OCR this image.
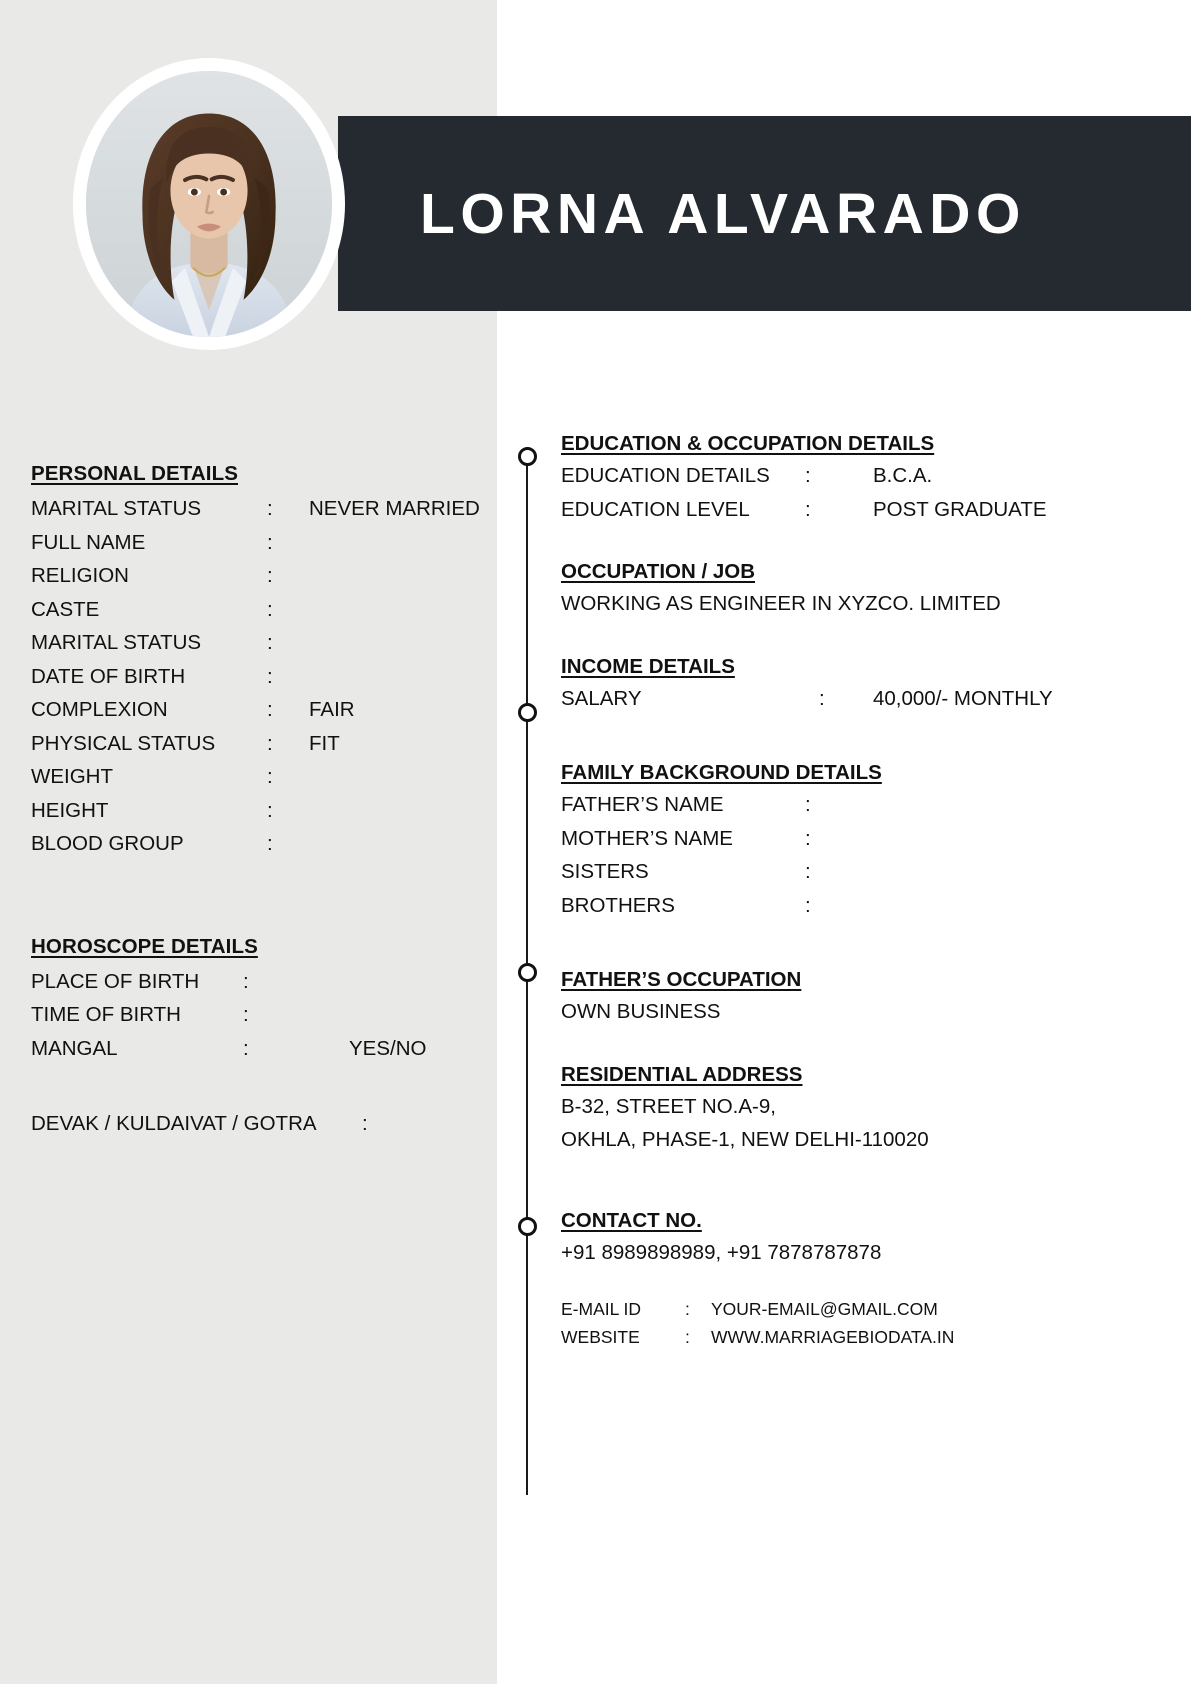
LORNA ALVARADO
PERSONAL DETAILS
MARITAL STATUS	:	NEVER MARRIED
FULL NAME	:
RELIGION	:
CASTE	:
MARITAL STATUS	:
DATE OF BIRTH	:
COMPLEXION	:	FAIR
PHYSICAL STATUS	:	FIT
WEIGHT	:
HEIGHT	:
BLOOD GROUP	:
HOROSCOPE DETAILS
PLACE OF BIRTH	:
TIME OF BIRTH	:
MANGAL	:	YES/NO
DEVAK / KULDAIVAT / GOTRA	:
EDUCATION & OCCUPATION DETAILS
EDUCATION DETAILS	:	B.C.A.
EDUCATION LEVEL	:	POST GRADUATE
OCCUPATION / JOB
WORKING AS ENGINEER IN XYZCO. LIMITED
INCOME DETAILS
SALARY	:	40,000/- MONTHLY
FAMILY BACKGROUND DETAILS
FATHER’S NAME	:
MOTHER’S NAME	:
SISTERS	:
BROTHERS	:
FATHER’S OCCUPATION
OWN BUSINESS
RESIDENTIAL ADDRESS
B-32, STREET NO.A-9,
OKHLA, PHASE-1, NEW DELHI-110020
CONTACT NO.
+91 8989898989, +91 7878787878
E-MAIL ID	:	YOUR-EMAIL@GMAIL.COM
WEBSITE	:	WWW.MARRIAGEBIODATA.IN
